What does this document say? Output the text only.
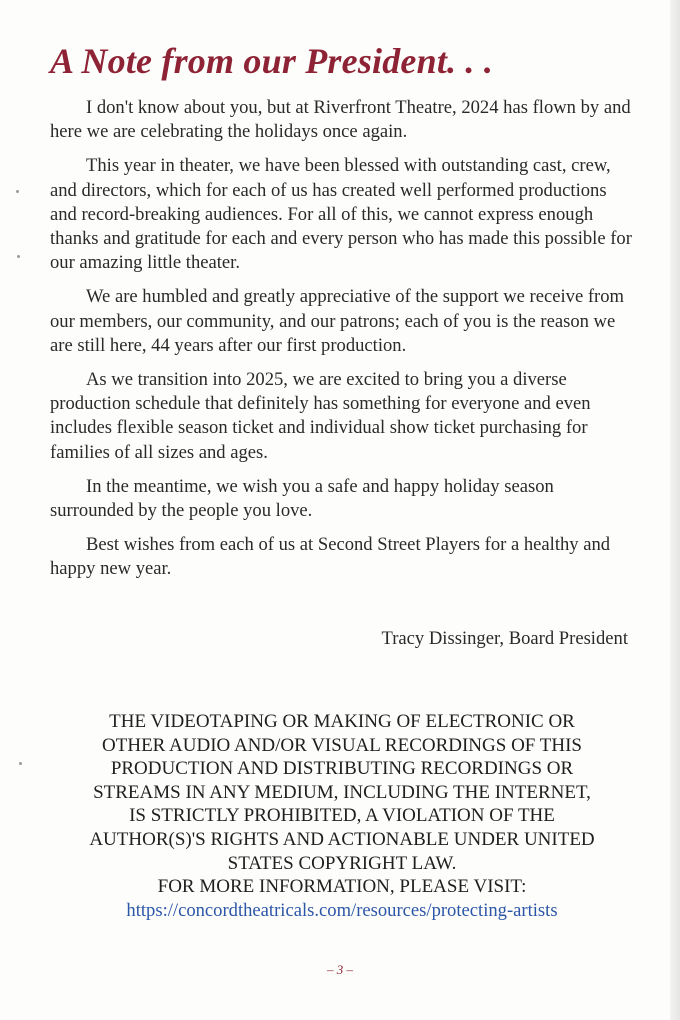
A Note from our President. . .

I don't know about you, but at Riverfront Theatre, 2024 has flown by and here we are celebrating the holidays once again.

This year in theater, we have been blessed with outstanding cast, crew, and directors, which for each of us has created well performed productions and record-breaking audiences. For all of this, we cannot express enough thanks and gratitude for each and every person who has made this possible for our amazing little theater.

We are humbled and greatly appreciative of the support we receive from our members, our community, and our patrons; each of you is the reason we are still here, 44 years after our first production.

As we transition into 2025, we are excited to bring you a diverse production schedule that definitely has something for everyone and even includes flexible season ticket and individual show ticket purchasing for families of all sizes and ages.

In the meantime, we wish you a safe and happy holiday season surrounded by the people you love.

Best wishes from each of us at Second Street Players for a healthy and happy new year.

Tracy Dissinger, Board President
THE VIDEOTAPING OR MAKING OF ELECTRONIC OR
OTHER AUDIO AND/OR VISUAL RECORDINGS OF THIS
PRODUCTION AND DISTRIBUTING RECORDINGS OR
STREAMS IN ANY MEDIUM, INCLUDING THE INTERNET,
IS STRICTLY PROHIBITED, A VIOLATION OF THE
AUTHOR(S)'S RIGHTS AND ACTIONABLE UNDER UNITED
STATES COPYRIGHT LAW.
FOR MORE INFORMATION, PLEASE VISIT:
https://concordtheatricals.com/resources/protecting-artists
– 3 –
